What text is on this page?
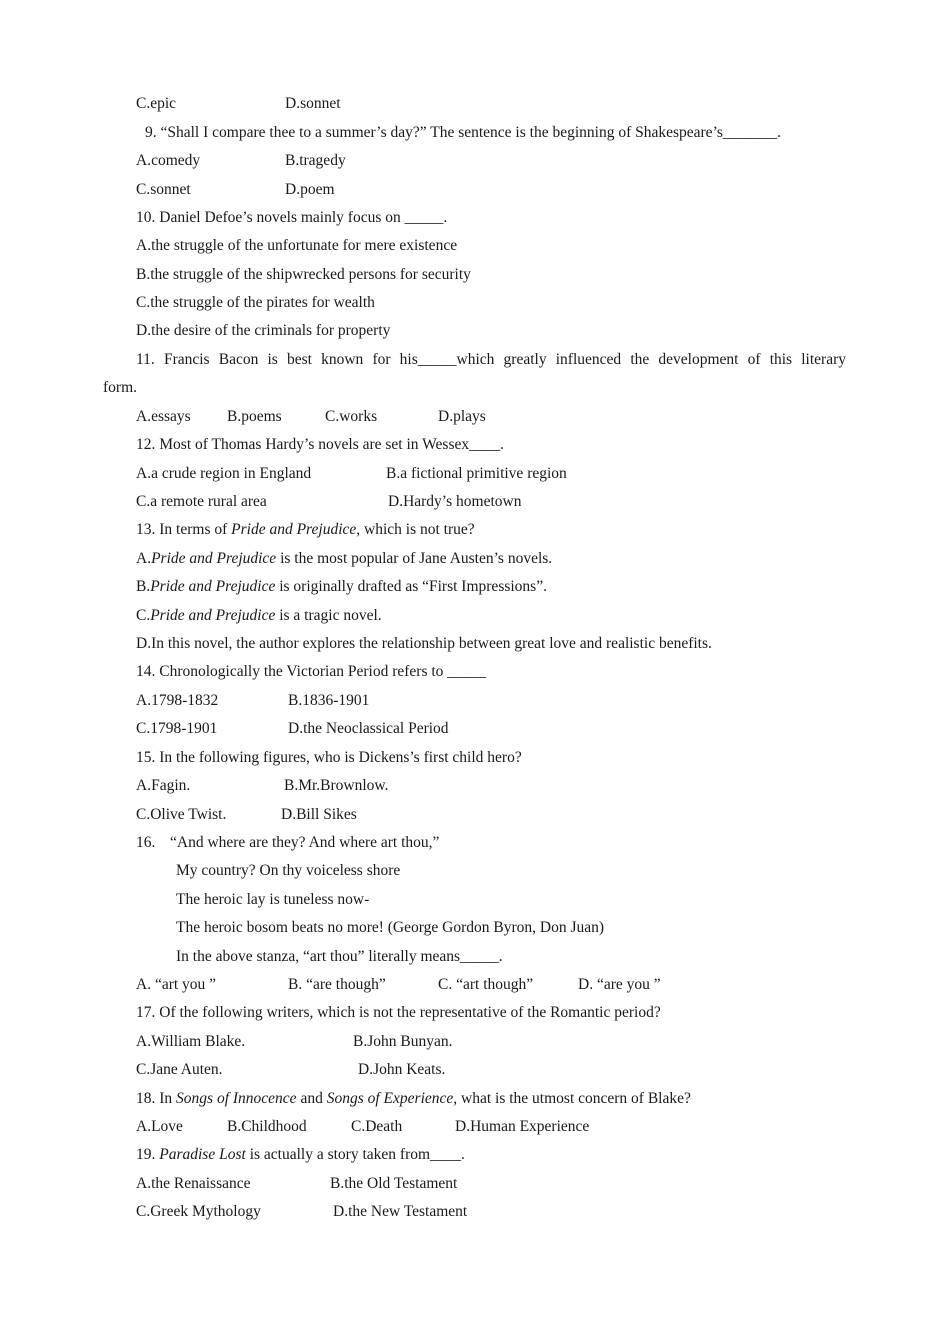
C.epic	D.sonnet
9. “Shall I compare thee to a summer’s day?” The sentence is the beginning of Shakespeare’s_______.
A.comedy	B.tragedy
C.sonnet	D.poem
10. Daniel Defoe’s novels mainly focus on _____.
A.the struggle of the unfortunate for mere existence
B.the struggle of the shipwrecked persons for security
C.the struggle of the pirates for wealth
D.the desire of the criminals for property
11. Francis Bacon is best known for his_____which greatly influenced the development of this literary
form.
A.essays B.poems	C.works	D.plays
12. Most of Thomas Hardy’s novels are set in Wessex____.
A.a crude region in England	B.a fictional primitive region
C.a remote rural area	D.Hardy’s hometown
13. In terms of Pride and Prejudice, which is not true?
A.Pride and Prejudice is the most popular of Jane Austen’s novels.
B.Pride and Prejudice is originally drafted as “First Impressions”.
C.Pride and Prejudice is a tragic novel.
D.In this novel, the author explores the relationship between great love and realistic benefits.
14. Chronologically the Victorian Period refers to _____
A.1798-1832	B.1836-1901
C.1798-1901	D.the Neoclassical Period
15. In the following figures, who is Dickens’s first child hero?
A.Fagin.	B.Mr.Brownlow.
C.Olive Twist.	D.Bill Sikes
16. “And where are they? And where art thou,”
My country? On thy voiceless shore
The heroic lay is tuneless now-
The heroic bosom beats no more! (George Gordon Byron, Don Juan)
In the above stanza, “art thou” literally means_____.
A. “art you ”	B. “are though”	C. “art though”	D. “are you ”
17. Of the following writers, which is not the representative of the Romantic period?
A.William Blake.	B.John Bunyan.
C.Jane Auten.	D.John Keats.
18. In Songs of Innocence and Songs of Experience, what is the utmost concern of Blake?
A.Love	B.Childhood	C.Death	D.Human Experience
19. Paradise Lost is actually a story taken from____.
A.the Renaissance	B.the Old Testament
C.Greek Mythology	D.the New Testament
